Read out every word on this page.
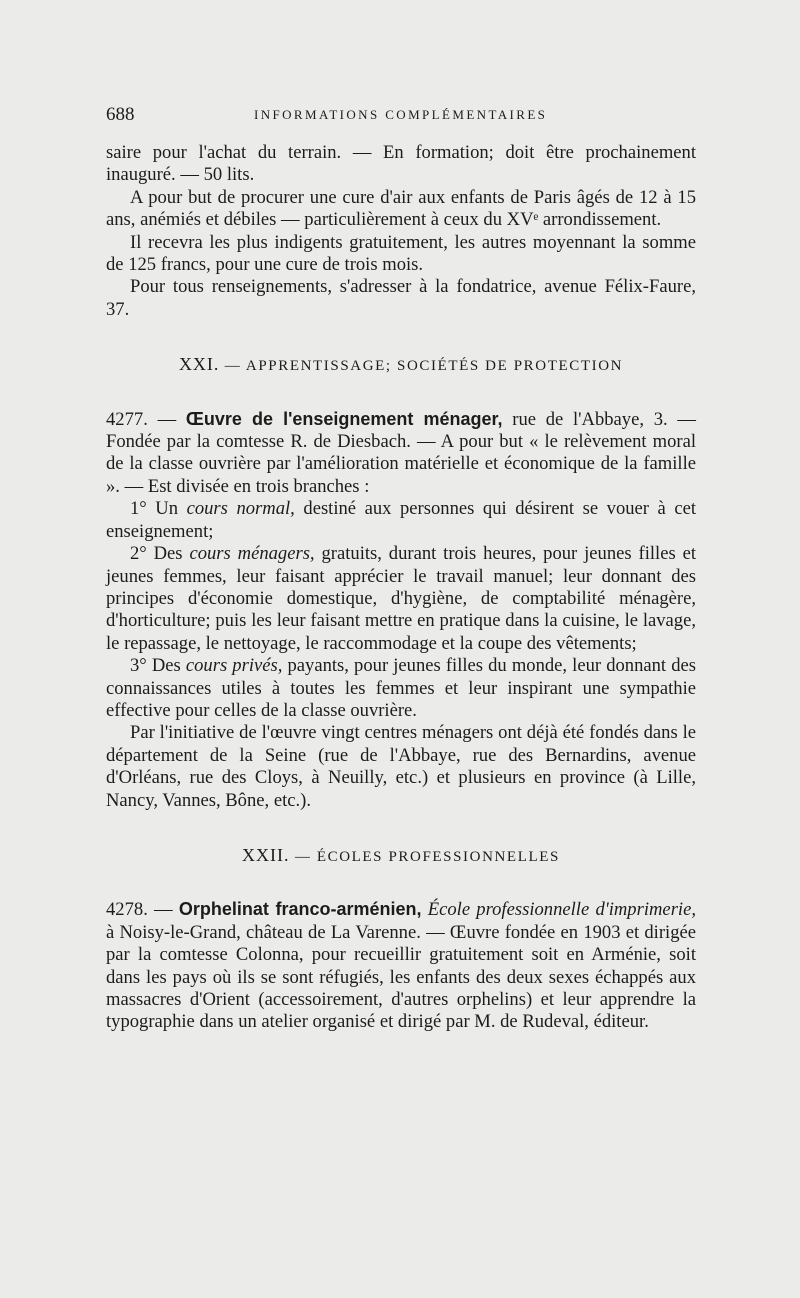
688	INFORMATIONS COMPLÉMENTAIRES

saire pour l'achat du terrain. — En formation; doit être prochainement inauguré. — 50 lits.

A pour but de procurer une cure d'air aux enfants de Paris âgés de 12 à 15 ans, anémiés et débiles — particulièrement à ceux du XVᵉ arrondissement.

Il recevra les plus indigents gratuitement, les autres moyennant la somme de 125 francs, pour une cure de trois mois.

Pour tous renseignements, s'adresser à la fondatrice, avenue Félix-Faure, 37.

XXI. — APPRENTISSAGE; SOCIÉTÉS DE PROTECTION

4277. — Œuvre de l'enseignement ménager, rue de l'Abbaye, 3. — Fondée par la comtesse R. de Diesbach. — A pour but « le relèvement moral de la classe ouvrière par l'amélioration matérielle et économique de la famille ». — Est divisée en trois branches :

1° Un cours normal, destiné aux personnes qui désirent se vouer à cet enseignement;

2° Des cours ménagers, gratuits, durant trois heures, pour jeunes filles et jeunes femmes, leur faisant apprécier le travail manuel; leur donnant des principes d'économie domestique, d'hygiène, de comptabilité ménagère, d'horticulture; puis les leur faisant mettre en pratique dans la cuisine, le lavage, le repassage, le nettoyage, le raccommodage et la coupe des vêtements;

3° Des cours privés, payants, pour jeunes filles du monde, leur donnant des connaissances utiles à toutes les femmes et leur inspirant une sympathie effective pour celles de la classe ouvrière.

Par l'initiative de l'œuvre vingt centres ménagers ont déjà été fondés dans le département de la Seine (rue de l'Abbaye, rue des Bernardins, avenue d'Orléans, rue des Cloys, à Neuilly, etc.) et plusieurs en province (à Lille, Nancy, Vannes, Bône, etc.).

XXII. — ÉCOLES PROFESSIONNELLES

4278. — Orphelinat franco-arménien, École professionnelle d'imprimerie, à Noisy-le-Grand, château de La Varenne. — Œuvre fondée en 1903 et dirigée par la comtesse Colonna, pour recueillir gratuitement soit en Arménie, soit dans les pays où ils se sont réfugiés, les enfants des deux sexes échappés aux massacres d'Orient (accessoirement, d'autres orphelins) et leur apprendre la typographie dans un atelier organisé et dirigé par M. de Rudeval, éditeur.
